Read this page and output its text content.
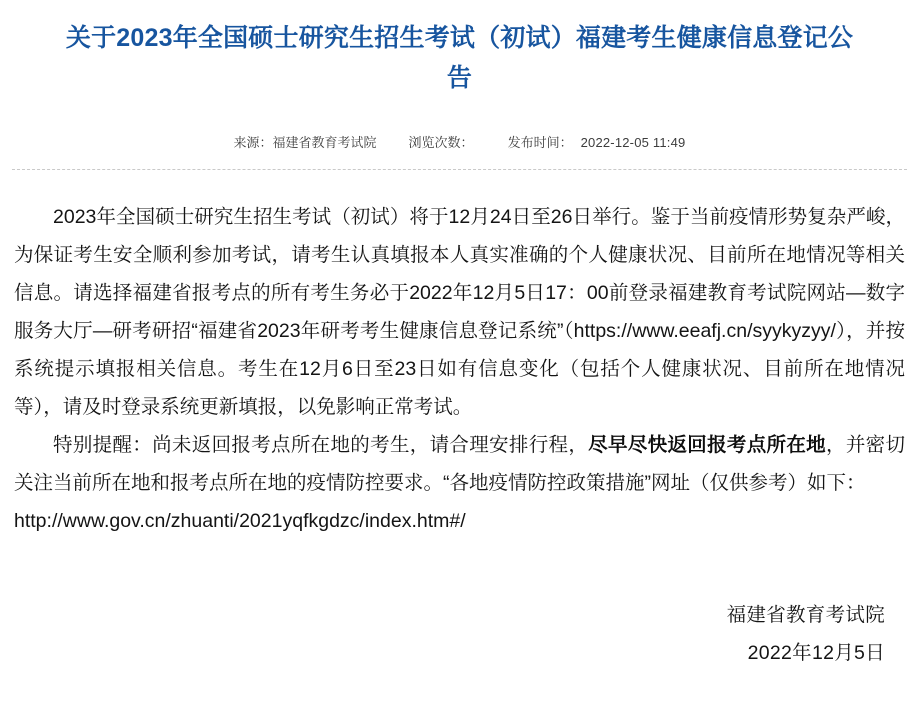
关于2023年全国硕士研究生招生考试（初试）福建考生健康信息登记公告
来源： 福建省教育考试院 浏览次数：	发布时间： 2022-12-05 11:49

2023年全国硕士研究生招生考试（初试）将于12月24日至26日举行。鉴于当前疫情形势复杂严峻，为保证考生安全顺利参加考试，请考生认真填报本人真实准确的个人健康状况、目前所在地情况等相关信息。请选择福建省报考点的所有考生务必于2022年12月5日17：00前登录福建教育考试院网站—数字服务大厅—研考研招“福建省2023年研考考生健康信息登记系统”（https://www.eeafj.cn/syykyzyy/），并按系统提示填报相关信息。考生在12月6日至23日如有信息变化（包括个人健康状况、目前所在地情况等），请及时登录系统更新填报，以免影响正常考试。

特别提醒：尚未返回报考点所在地的考生，请合理安排行程，尽早尽快返回报考点所在地，并密切关注当前所在地和报考点所在地的疫情防控要求。“各地疫情防控政策措施”网址（仅供参考）如下：

http://www.gov.cn/zhuanti/2021yqfkgdzc/index.htm#/

福建省教育考试院
2022年12月5日
